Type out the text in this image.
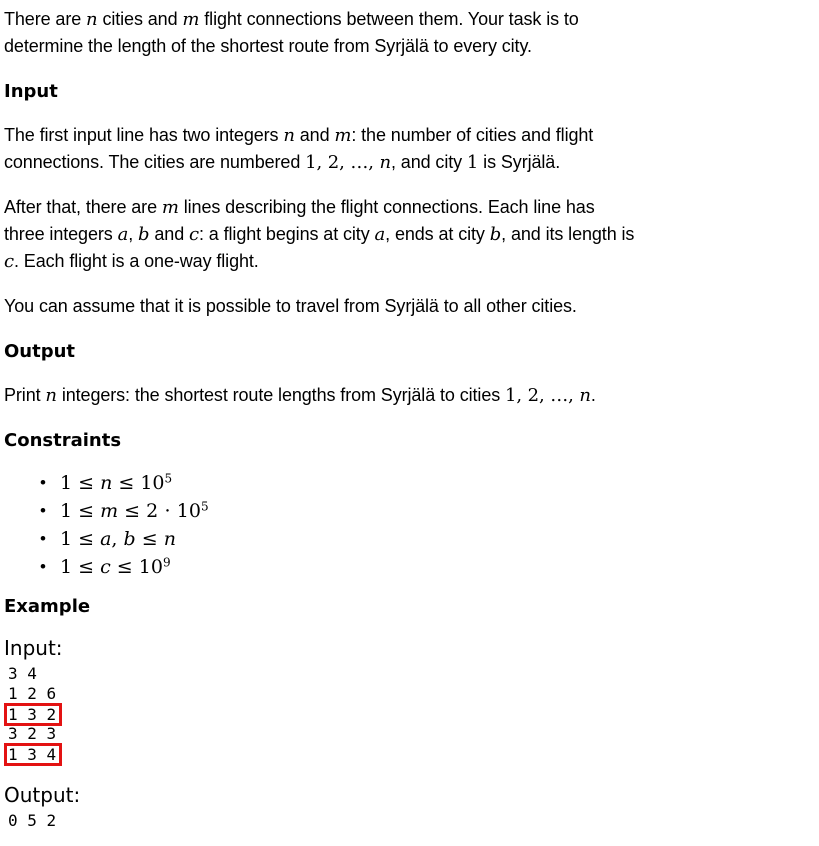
There are n cities and m flight connections between them. Your task is to
determine the length of the shortest route from Syrjälä to every city.

Input

The first input line has two integers n and m: the number of cities and flight
connections. The cities are numbered 1, 2, …, n, and city 1 is Syrjälä.

After that, there are m lines describing the flight connections. Each line has
three integers a, b and c: a flight begins at city a, ends at city b, and its length is
c. Each flight is a one-way flight.

You can assume that it is possible to travel from Syrjälä to all other cities.

Output

Print n integers: the shortest route lengths from Syrjälä to cities 1, 2, …, n.

Constraints
• $1 \le n \le 10^5$
• $1 \le m \le 2 \cdot 10^5$
• 1 ≤ a, b ≤ n
• $1 \le c \le 10^9$
Example
Input:
3 4
1 2 6
1 3 2
3 2 3
1 3 4
Output:
0 5 2
